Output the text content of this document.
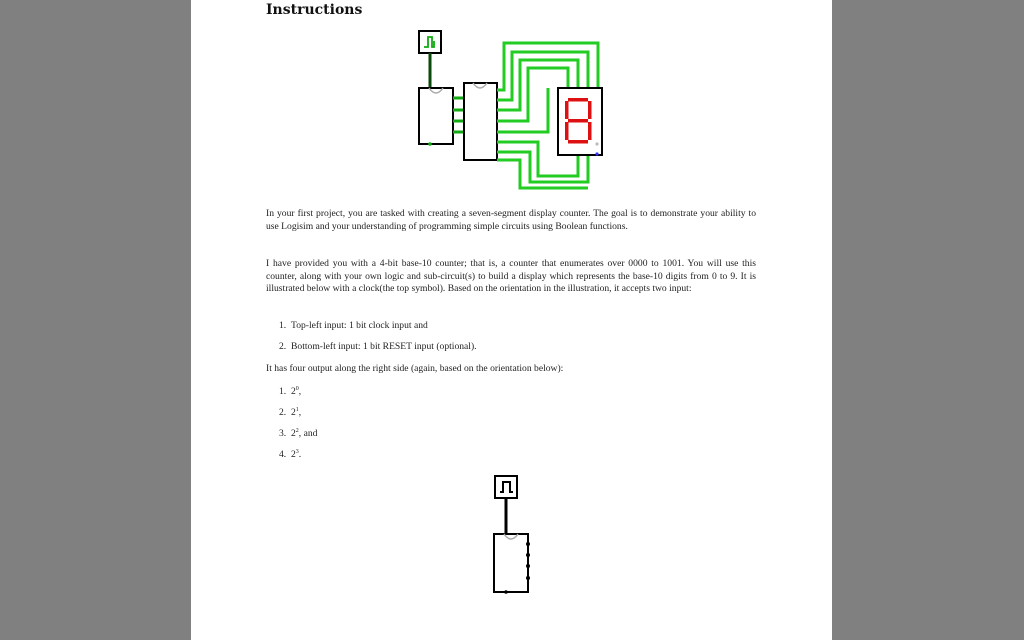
Instructions
In your first project, you are tasked with creating a seven-segment display counter. The goal is to demonstrate your ability to use Logisim and your understanding of programming simple circuits using Boolean functions.
I have provided you with a 4-bit base-10 counter; that is, a counter that enumerates over 0000 to 1001. You will use this counter, along with your own logic and sub-circuit(s) to build a display which represents the base-10 digits from 0 to 9. It is illustrated below with a clock(the top symbol). Based on the orientation in the illustration, it accepts two input:
1. Top-left input: 1 bit clock input and
2. Bottom-left input: 1 bit RESET input (optional).
It has four output along the right side (again, based on the orientation below):
1. $2^0$,
2. $2^1$,
3. $2^2$, and
4. $2^3$.
